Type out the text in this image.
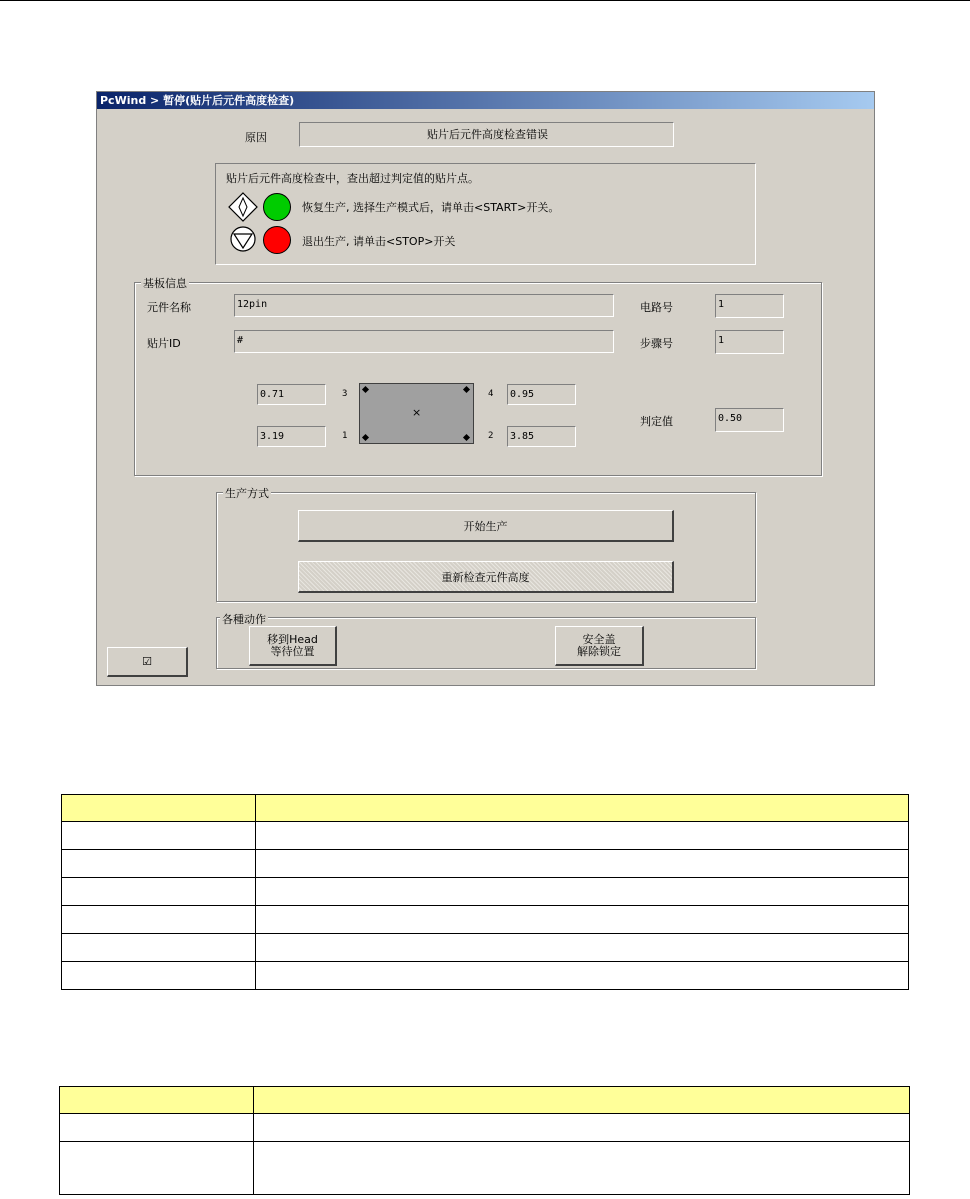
PcWind > 暂停(贴片后元件高度检查)
原因	贴片后元件高度检查错误
贴片后元件高度检查中，查出超过判定值的贴片点。
恢复生产, 选择生产模式后，请单击<START>开关。
退出生产, 请单击<STOP>开关
基板信息
元件名称	12pin
贴片ID	#
电路号	1
步骤号	1
判定值	0.50
0.71	3
3.19	1
×
4	0.95
2	3.85
生产方式
开始生产
重新检查元件高度
各種动作
移到Head
等待位置
安全盖
解除锁定
☑
